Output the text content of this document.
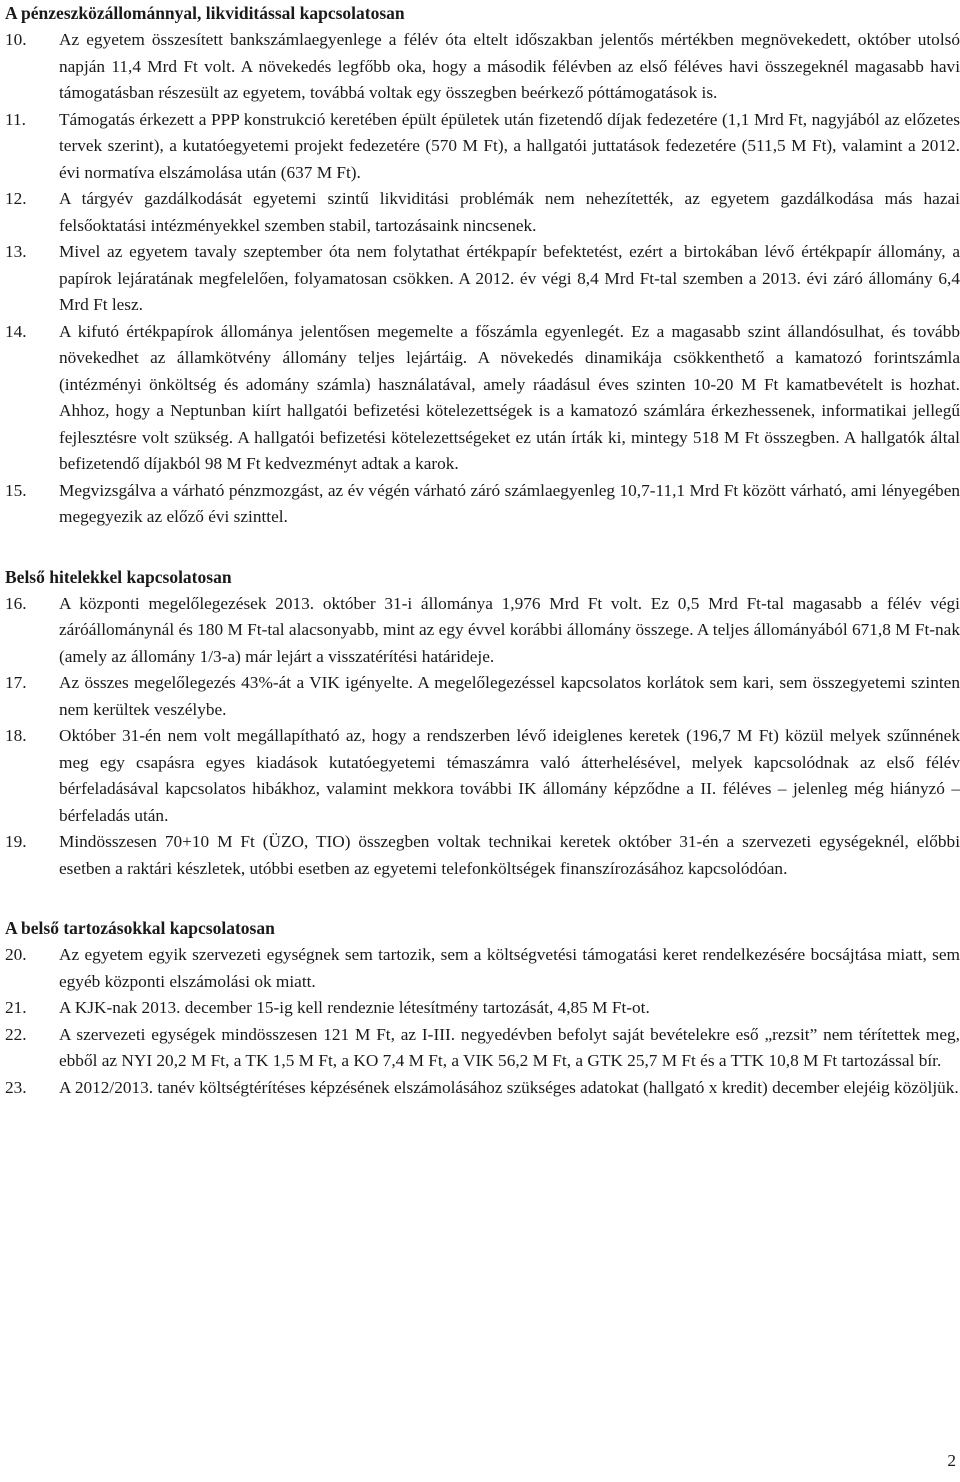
A pénzeszközállománnyal, likviditással kapcsolatosan
10. Az egyetem összesített bankszámlaegyenlege a félév óta eltelt időszakban jelentős mértékben megnövekedett, október utolsó napján 11,4 Mrd Ft volt. A növekedés legfőbb oka, hogy a második félévben az első féléves havi összegeknél magasabb havi támogatásban részesült az egyetem, továbbá voltak egy összegben beérkező póttámogatások is.
11. Támogatás érkezett a PPP konstrukció keretében épült épületek után fizetendő díjak fedezetére (1,1 Mrd Ft, nagyjából az előzetes tervek szerint), a kutatóegyetemi projekt fedezetére (570 M Ft), a hallgatói juttatások fedezetére (511,5 M Ft), valamint a 2012. évi normatíva elszámolása után (637 M Ft).
12. A tárgyév gazdálkodását egyetemi szintű likviditási problémák nem nehezítették, az egyetem gazdálkodása más hazai felsőoktatási intézményekkel szemben stabil, tartozásaink nincsenek.
13. Mivel az egyetem tavaly szeptember óta nem folytathat értékpapír befektetést, ezért a birtokában lévő értékpapír állomány, a papírok lejáratának megfelelően, folyamatosan csökken. A 2012. év végi 8,4 Mrd Ft-tal szemben a 2013. évi záró állomány 6,4 Mrd Ft lesz.
14. A kifutó értékpapírok állománya jelentősen megemelte a főszámla egyenlegét. Ez a magasabb szint állandósulhat, és tovább növekedhet az államkötvény állomány teljes lejártáig. A növekedés dinamikája csökkenthető a kamatozó forintszámla (intézményi önköltség és adomány számla) használatával, amely ráadásul éves szinten 10-20 M Ft kamatbevételt is hozhat. Ahhoz, hogy a Neptunban kiírt hallgatói befizetési kötelezettségek is a kamatozó számlára érkezhessenek, informatikai jellegű fejlesztésre volt szükség. A hallgatói befizetési kötelezettségeket ez után írták ki, mintegy 518 M Ft összegben. A hallgatók által befizetendő díjakból 98 M Ft kedvezményt adtak a karok.
15. Megvizsgálva a várható pénzmozgást, az év végén várható záró számlaegyenleg 10,7-11,1 Mrd Ft között várható, ami lényegében megegyezik az előző évi szinttel.
Belső hitelekkel kapcsolatosan
16. A központi megelőlegezések 2013. október 31-i állománya 1,976 Mrd Ft volt. Ez 0,5 Mrd Ft-tal magasabb a félév végi záróállománynál és 180 M Ft-tal alacsonyabb, mint az egy évvel korábbi állomány összege. A teljes állományából 671,8 M Ft-nak (amely az állomány 1/3-a) már lejárt a visszatérítési határideje.
17. Az összes megelőlegezés 43%-át a VIK igényelte. A megelőlegezéssel kapcsolatos korlátok sem kari, sem összegyetemi szinten nem kerültek veszélybe.
18. Október 31-én nem volt megállapítható az, hogy a rendszerben lévő ideiglenes keretek (196,7 M Ft) közül melyek szűnnének meg egy csapásra egyes kiadások kutatóegyetemi témaszámra való átterhelésével, melyek kapcsolódnak az első félév bérfeladásával kapcsolatos hibákhoz, valamint mekkora további IK állomány képződne a II. féléves – jelenleg még hiányzó – bérfeladás után.
19. Mindösszesen 70+10 M Ft (ÜZO, TIO) összegben voltak technikai keretek október 31-én a szervezeti egységeknél, előbbi esetben a raktári készletek, utóbbi esetben az egyetemi telefonköltségek finanszírozásához kapcsolódóan.
A belső tartozásokkal kapcsolatosan
20. Az egyetem egyik szervezeti egységnek sem tartozik, sem a költségvetési támogatási keret rendelkezésére bocsájtása miatt, sem egyéb központi elszámolási ok miatt.
21. A KJK-nak 2013. december 15-ig kell rendeznie létesítmény tartozását, 4,85 M Ft-ot.
22. A szervezeti egységek mindösszesen 121 M Ft, az I-III. negyedévben befolyt saját bevételekre eső „rezsit” nem térítettek meg, ebből az NYI 20,2 M Ft, a TK 1,5 M Ft, a KO 7,4 M Ft, a VIK 56,2 M Ft, a GTK 25,7 M Ft és a TTK 10,8 M Ft tartozással bír.
23. A 2012/2013. tanév költségtérítéses képzésének elszámolásához szükséges adatokat (hallgató x kredit) december elejéig közöljük.
2
